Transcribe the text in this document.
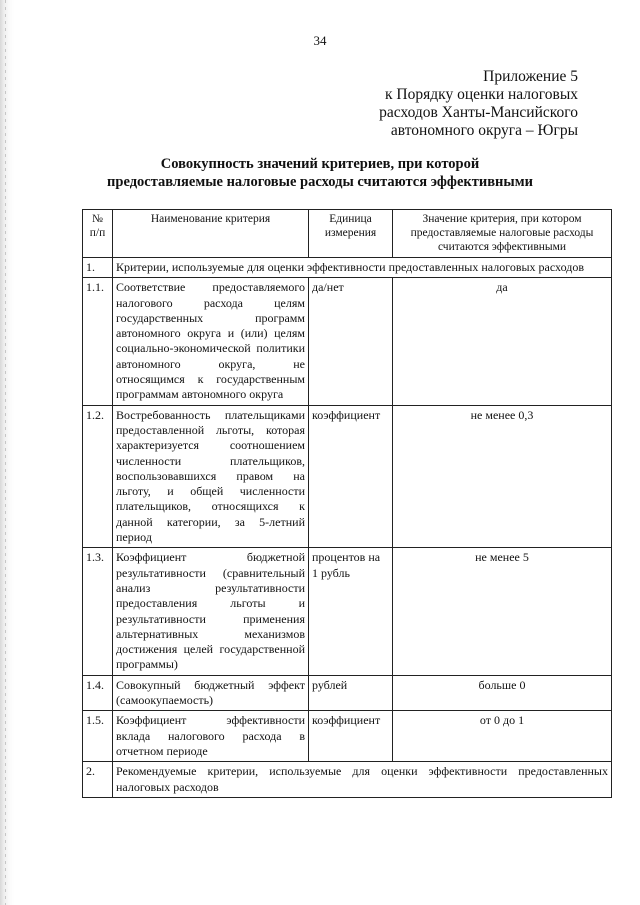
34
Приложение 5
к Порядку оценки налоговых
расходов Ханты-Мансийского
автономного округа – Югры
Совокупность значений критериев, при которой
предоставляемые налоговые расходы считаются эффективными
№ п/п	Наименование критерия	Единица измерения	Значение критерия, при котором предоставляемые налоговые расходы считаются эффективными
1.	Критерии, используемые для оценки эффективности предоставленных налоговых расходов		
1.1.	Соответствие предоставляемого налогового расхода целям государственных программ автономного округа и (или) целям социально-экономической политики автономного округа, не относящимся к государственным программам автономного округа	да/нет	да
1.2.	Востребованность плательщиками предоставленной льготы, которая характеризуется соотношением численности плательщиков, воспользовавшихся правом на льготу, и общей численности плательщиков, относящихся к данной категории, за 5-летний период	коэффициент	не менее 0,3
1.3.	Коэффициент бюджетной результативности (сравнительный анализ результативности предоставления льготы и результативности применения альтернативных механизмов достижения целей государственной программы)	процентов на 1 рубль	не менее 5
1.4.	Совокупный бюджетный эффект (самоокупаемость)	рублей	больше 0
1.5.	Коэффициент эффективности вклада налогового расхода в отчетном периоде	коэффициент	от 0 до 1
2.	Рекомендуемые критерии, используемые для оценки эффективности предоставленных налоговых расходов		
